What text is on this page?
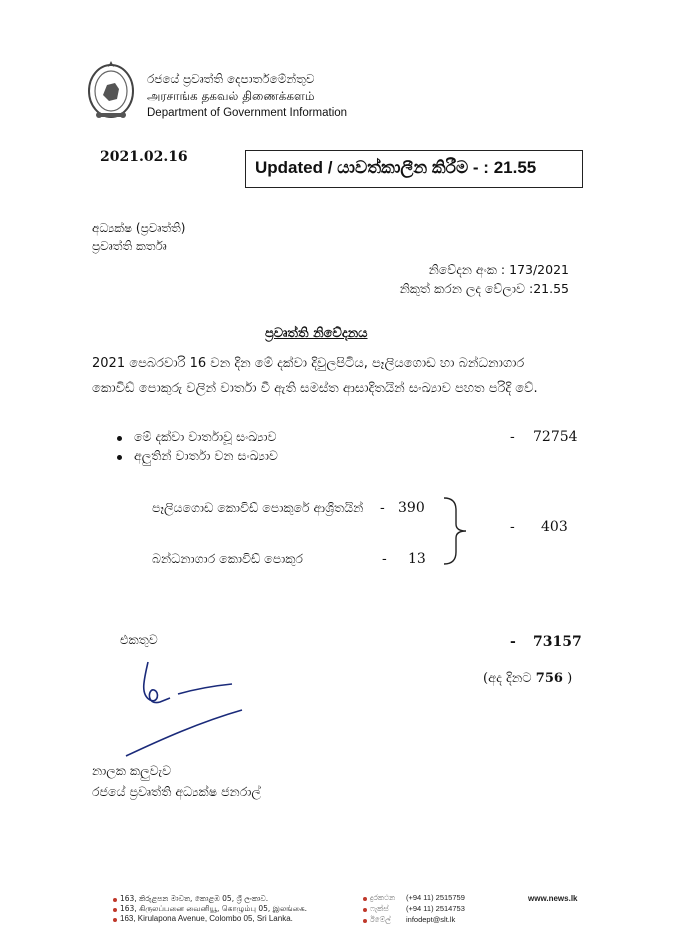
රජයේ ප්‍රවෘත්ති දෙපාර්තමේන්තුව
அரசாங்க தகவல் திணைக்களம்
Department of Government Information
2021.02.16
Updated / යාවත්කාලීන කිරීම - : 21.55
අධ්‍යක්ෂ (ප්‍රවෘත්ති)
ප්‍රවෘත්ති කර්තෘ
නිවේදන අංක : 173/2021
නිකුත් කරන ලද වේලාව :21.55
ප්‍රවෘත්ති නිවේදනය
2021 පෙබරවාරි 16 වන දින මේ දක්වා දිවුලපිටිය, පෑලියගොඩ හා බන්ධනාගාර
කොවිඩ් පොකුරු වලින් වාර්තා වී ඇති සමස්ත ආසාදිතයින් සංඛ්‍යාව පහත පරිදි වේ.
මේ දක්වා වාර්තාවූ සංඛ්‍යාව	- 72754
අලුතින් වාර්තා වන සංඛ්‍යාව
පෑලියගොඩ කොවිඩ් පොකුරේ ආශ්‍රිතයින් - 390
බන්ධනාගාර කොවිඩ් පොකුර	- 13
- 403
එකතුව	- 73157
(අද දිනට 756 )
නාලක කලුවැව
රජයේ ප්‍රවෘත්ති අධ්‍යක්ෂ ජනරාල්
163, කිරුළපන මාවත, කොළඹ 05, ශ්‍රී ලංකාව.
163, கிருலப்பனை வைனியூ, கொழும்பு 05, இலங்கை.
163, Kirulapona Avenue, Colombo 05, Sri Lanka.
දුරකථන (+94 11) 2515759
ෆැක්ස් (+94 11) 2514753
ඊමේල් infodept@slt.lk
www.news.lk
